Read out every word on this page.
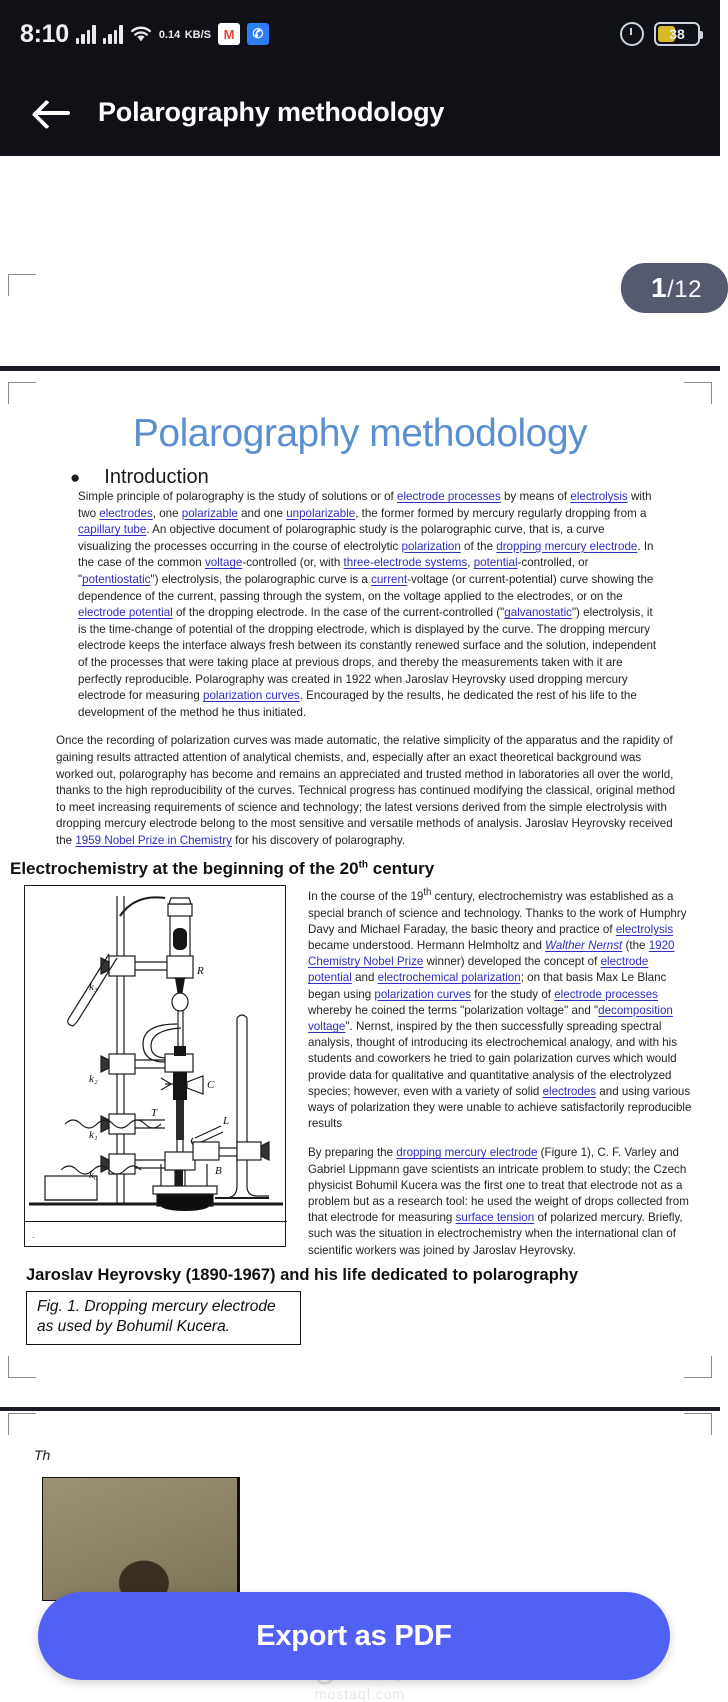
8:10	0.14 KB/S M	✆	38
Polarography methodology
1/12
Polarography methodology
● Introduction
Simple principle of polarography is the study of solutions or of electrode processes by means of electrolysis with two electrodes, one polarizable and one unpolarizable, the former formed by mercury regularly dropping from a capillary tube. An objective document of polarographic study is the polarographic curve, that is, a curve visualizing the processes occurring in the course of electrolytic polarization of the dropping mercury electrode. In the case of the common voltage-controlled (or, with three-electrode systems, potential-controlled, or "potentiostatic") electrolysis, the polarographic curve is a current-voltage (or current-potential) curve showing the dependence of the current, passing through the system, on the voltage applied to the electrodes, or on the electrode potential of the dropping electrode. In the case of the current-controlled ("galvanostatic") electrolysis, it is the time-change of potential of the dropping electrode, which is displayed by the curve. The dropping mercury electrode keeps the interface always fresh between its constantly renewed surface and the solution, independent of the processes that were taking place at previous drops, and thereby the measurements taken with it are perfectly reproducible. Polarography was created in 1922 when Jaroslav Heyrovsky used dropping mercury electrode for measuring polarization curves. Encouraged by the results, he dedicated the rest of his life to the development of the method he thus initiated.
Once the recording of polarization curves was made automatic, the relative simplicity of the apparatus and the rapidity of gaining results attracted attention of analytical chemists, and, especially after an exact theoretical background was worked out, polarography has become and remains an appreciated and trusted method in laboratories all over the world, thanks to the high reproducibility of the curves. Technical progress has continued modifying the classical, original method to meet increasing requirements of science and technology; the latest versions derived from the simple electrolysis with dropping mercury electrode belong to the most sensitive and versatile methods of analysis. Jaroslav Heyrovsky received the 1959 Nobel Prize in Chemistry for his discovery of polarography.
Electrochemistry at the beginning of the 20th century
R
k₃
k₂
k₁
k₀
C
T
L
B
.

In the course of the 19th century, electrochemistry was established as a special branch of science and technology. Thanks to the work of Humphry Davy and Michael Faraday, the basic theory and practice of electrolysis became understood. Hermann Helmholtz and Walther Nernst (the 1920 Chemistry Nobel Prize winner) developed the concept of electrode potential and electrochemical polarization; on that basis Max Le Blanc began using polarization curves for the study of electrode processes whereby he coined the terms "polarization voltage" and "decomposition voltage". Nernst, inspired by the then successfully spreading spectral analysis, thought of introducing its electrochemical analogy, and with his students and coworkers he tried to gain polarization curves which would provide data for qualitative and quantitative analysis of the electrolyzed species; however, even with a variety of solid electrodes and using various ways of polarization they were unable to achieve satisfactorily reproducible results

By preparing the dropping mercury electrode (Figure 1), C. F. Varley and Gabriel Lippmann gave scientists an intricate problem to study; the Czech physicist Bohumil Kucera was the first one to treat that electrode not as a problem but as a research tool: he used the weight of drops collected from that electrode for measuring surface tension of polarized mercury. Briefly, such was the situation in electrochemistry when the international clan of scientific workers was joined by Jaroslav Heyrovsky.

Jaroslav Heyrovsky (1890-1967) and his life dedicated to polarography
Fig. 1. Dropping mercury electrode as used by Bohumil Kucera.
Th
mostaql.com
Export as PDF
